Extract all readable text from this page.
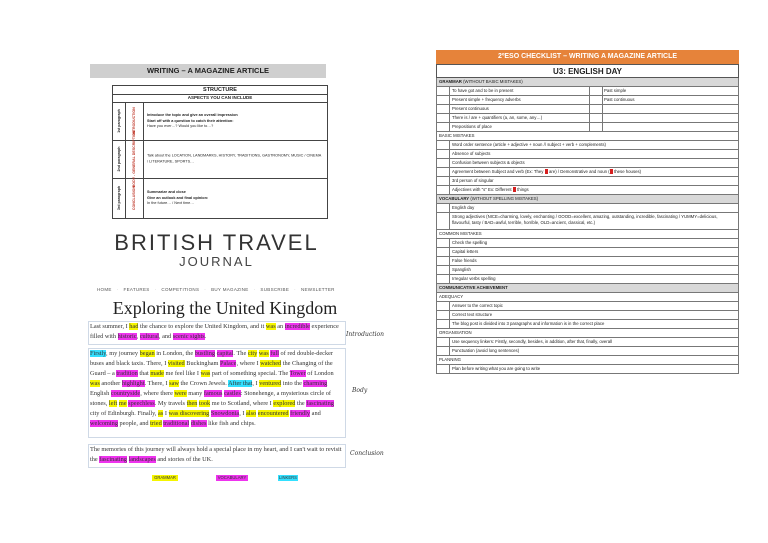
WRITING – A MAGAZINE ARTICLE
STRUCTURE
ASPECTS YOU CAN INCLUDE
1st paragraph	INTRODUCTION	Introduce the topic and give an overall impression
Start off with a question to catch their attention:
Have you ever…? Would you like to…?
2nd paragraph	BODY - GENERAL DESCRIPTION	Talk about the LOCATION, LANDMARKS, HISTORY, TRADITIONS, GASTRONOMY, MUSIC / CINEMA / LITERATURE, SPORTS…
3rd paragraph	CONCLUSION	Summarize and close
Give an outlook and final opinion:
In the future… / Next time…
BRITISH TRAVEL
JOURNAL
HOME · FEATURES · COMPETITIONS · BUY MAGAZINE · SUBSCRIBE · NEWSLETTER
Exploring the United Kingdom
Last summer, I had the chance to explore the United Kingdom, and it was an incredible experience filled with historic, cultural, and scenic sights.
Firstly, my journey began in London, the bustling capital. The city was full of red double-decker buses and black taxis. There, I visited Buckingham Palace, where I watched the Changing of the Guard – a tradition that made me feel like I was part of something special. The Tower of London was another highlight. There, I saw the Crown Jewels. After that, I ventured into the charming English countryside, where there were many famous castles: Stonehenge, a mysterious circle of stones, left me speechless. My travels then took me to Scotland, where I explored the fascinating city of Edinburgh. Finally, as I was discovering Snowdonia, I also encountered friendly and welcoming people, and tried traditional dishes like fish and chips.
The memories of this journey will always hold a special place in my heart, and I can't wait to revisit the fascinating landscapes and stories of the UK.
Introduction
Body
Conclusion
GRAMMAR	VOCABULARY	LINKERS
2ºESO CHECKLIST – WRITING A MAGAZINE ARTICLE
U3: ENGLISH DAY
GRAMMAR (WITHOUT BASIC MISTAKES)
To have got and to be in present	Past simple
Present simple + frequency adverbs	Past continuous
Present continuous
There is / are + quantifiers (a, an, some, any…)
Prepositions of place
BASIC MISTAKES
Word order sentence (article + adjective + noun // subject + verb + complements)
Absence of subjects
Confusion between subjects & objects
Agreement between Subject and verb (Ex: They   are) / Demonstrative and noun (  these houses)
3rd person of singular
Adjectives with "s" Ex: Different   things
VOCABULARY (WITHOUT SPELLING MISTAKES)
English day
Strong adjectives (NICE=charming, lovely, enchanting / GOOD=excellent, amazing, outstanding, incredible, fascinating / YUMMY=delicious, flavourful, tasty / BAD=awful, terrible, horrible, OLD=ancient, classical, etc.)
COMMON MISTAKES
Check the spelling
Capital letters
False friends
Spanglish
Irregular verbs spelling
COMMUNICATIVE ACHIEVEMENT
ADEQUACY
Answer to the correct topic
Correct text structure
The blog post is divided into 3 paragraphs and information is in the correct place
ORGANISATION
Use sequency linkers: Firstly, secondly, besides, in addition, after that, finally, overall
Punctuation (avoid long sentences)
PLANNING
Plan before writing what you are going to write
